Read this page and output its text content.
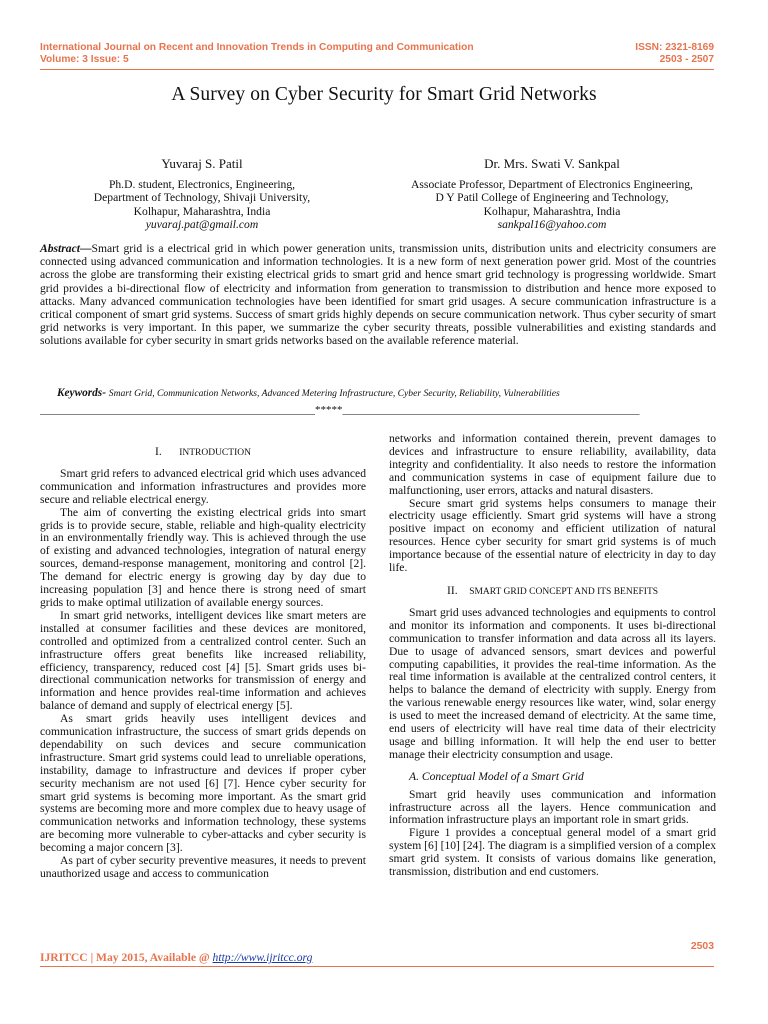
International Journal on Recent and Innovation Trends in Computing and Communication
Volume: 3 Issue: 5
ISSN: 2321-8169
2503 - 2507
A Survey on Cyber Security for Smart Grid Networks
Yuvaraj S. Patil
Ph.D. student, Electronics, Engineering,
Department of Technology, Shivaji University,
Kolhapur, Maharashtra, India
yuvaraj.pat@gmail.com
Dr. Mrs. Swati V. Sankpal
Associate Professor, Department of Electronics Engineering,
D Y Patil College of Engineering and Technology,
Kolhapur, Maharashtra, India
sankpal16@yahoo.com
Abstract—Smart grid is a electrical grid in which power generation units, transmission units, distribution units and electricity consumers are connected using advanced communication and information technologies. It is a new form of next generation power grid. Most of the countries across the globe are transforming their existing electrical grids to smart grid and hence smart grid technology is progressing worldwide. Smart grid provides a bi-directional flow of electricity and information from generation to transmission to distribution and hence more exposed to attacks. Many advanced communication technologies have been identified for smart grid usages. A secure communication infrastructure is a critical component of smart grid systems. Success of smart grids highly depends on secure communication network. Thus cyber security of smart grid networks is very important. In this paper, we summarize the cyber security threats, possible vulnerabilities and existing standards and solutions available for cyber security in smart grids networks based on the available reference material.
Keywords- Smart Grid, Communication Networks, Advanced Metering Infrastructure, Cyber Security, Reliability, Vulnerabilities
__________________________________________________*****______________________________________________________

I. INTRODUCTION

Smart grid refers to advanced electrical grid which uses advanced communication and information infrastructures and provides more secure and reliable electrical energy.

The aim of converting the existing electrical grids into smart grids is to provide secure, stable, reliable and high-quality electricity in an environmentally friendly way. This is achieved through the use of existing and advanced technologies, integration of natural energy sources, demand-response management, monitoring and control [2]. The demand for electric energy is growing day by day due to increasing population [3] and hence there is strong need of smart grids to make optimal utilization of available energy sources.

In smart grid networks, intelligent devices like smart meters are installed at consumer facilities and these devices are monitored, controlled and optimized from a centralized control center. Such an infrastructure offers great benefits like increased reliability, efficiency, transparency, reduced cost [4] [5]. Smart grids uses bi-directional communication networks for transmission of energy and information and hence provides real-time information and achieves balance of demand and supply of electrical energy [5].

As smart grids heavily uses intelligent devices and communication infrastructure, the success of smart grids depends on dependability on such devices and secure communication infrastructure. Smart grid systems could lead to unreliable operations, instability, damage to infrastructure and devices if proper cyber security mechanism are not used [6] [7]. Hence cyber security for smart grid systems is becoming more important. As the smart grid systems are becoming more and more complex due to heavy usage of communication networks and information technology, these systems are becoming more vulnerable to cyber-attacks and cyber security is becoming a major concern [3].

As part of cyber security preventive measures, it needs to prevent unauthorized usage and access to communication

networks and information contained therein, prevent damages to devices and infrastructure to ensure reliability, availability, data integrity and confidentiality. It also needs to restore the information and communication systems in case of equipment failure due to malfunctioning, user errors, attacks and natural disasters.

Secure smart grid systems helps consumers to manage their electricity usage efficiently. Smart grid systems will have a strong positive impact on economy and efficient utilization of natural resources. Hence cyber security for smart grid systems is of much importance because of the essential nature of electricity in day to day life.

II. SMART GRID CONCEPT AND ITS BENEFITS

Smart grid uses advanced technologies and equipments to control and monitor its information and components. It uses bi-directional communication to transfer information and data across all its layers. Due to usage of advanced sensors, smart devices and powerful computing capabilities, it provides the real-time information. As the real time information is available at the centralized control centers, it helps to balance the demand of electricity with supply. Energy from the various renewable energy resources like water, wind, solar energy is used to meet the increased demand of electricity. At the same time, end users of electricity will have real time data of their electricity usage and billing information. It will help the end user to better manage their electricity consumption and usage.

A. Conceptual Model of a Smart Grid

Smart grid heavily uses communication and information infrastructure across all the layers. Hence communication and information infrastructure plays an important role in smart grids.

Figure 1 provides a conceptual general model of a smart grid system [6] [10] [24]. The diagram is a simplified version of a complex smart grid system. It consists of various domains like generation, transmission, distribution and end customers.

2503
IJRITCC | May 2015, Available @ http://www.ijritcc.org
